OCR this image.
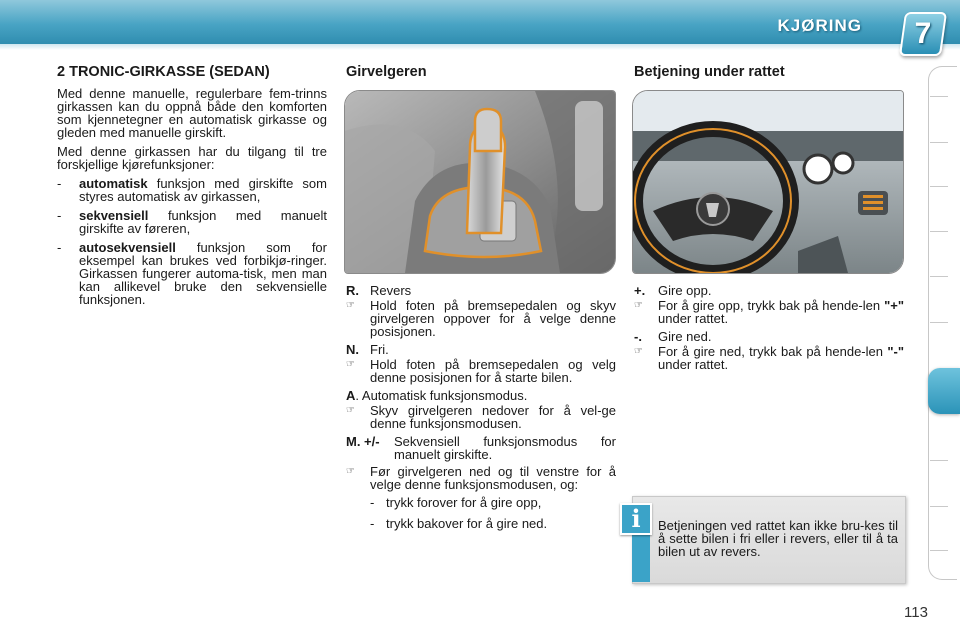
KJØRING	7
2 TRONIC-GIRKASSE (SEDAN)

Med denne manuelle, regulerbare fem-trinns girkassen kan du oppnå både den komforten som kjennetegner en automatisk girkasse og gleden med manuelle girskift.

Med denne girkassen har du tilgang til tre forskjellige kjørefunksjoner:

-	automatisk funksjon med girskifte som styres automatisk av girkassen,
-	sekvensiell funksjon med manuelt girskifte av føreren,
-	autosekvensiell funksjon som for eksempel kan brukes ved forbikjø-ringer. Girkassen fungerer automa-tisk, men man kan allikevel bruke den sekvensielle funksjonen.
Girvelgeren
R. Revers
☞	Hold foten på bremsepedalen og skyv girvelgeren oppover for å velge denne posisjonen.
N. Fri.
☞	Hold foten på bremsepedalen og velg denne posisjonen for å starte bilen.
A . Automatisk funksjonsmodus.
☞	Skyv girvelgeren nedover for å vel-ge denne funksjonsmodusen.
M. +/-	Sekvensiell funksjonsmodus for manuelt girskifte.
☞	Før girvelgeren ned og til venstre for å velge denne funksjonsmodusen, og:
- trykk forover for å gire opp,
- trykk bakover for å gire ned.
Betjening under rattet
+. Gire opp.
☞	For å gire opp, trykk bak på hende-len "+" under rattet.
-.	Gire ned.
☞	For å gire ned, trykk bak på hende-len "-" under rattet.
i	Betjeningen ved rattet kan ikke bru-kes til å sette bilen i fri eller i revers, eller til å ta bilen ut av revers.
113
